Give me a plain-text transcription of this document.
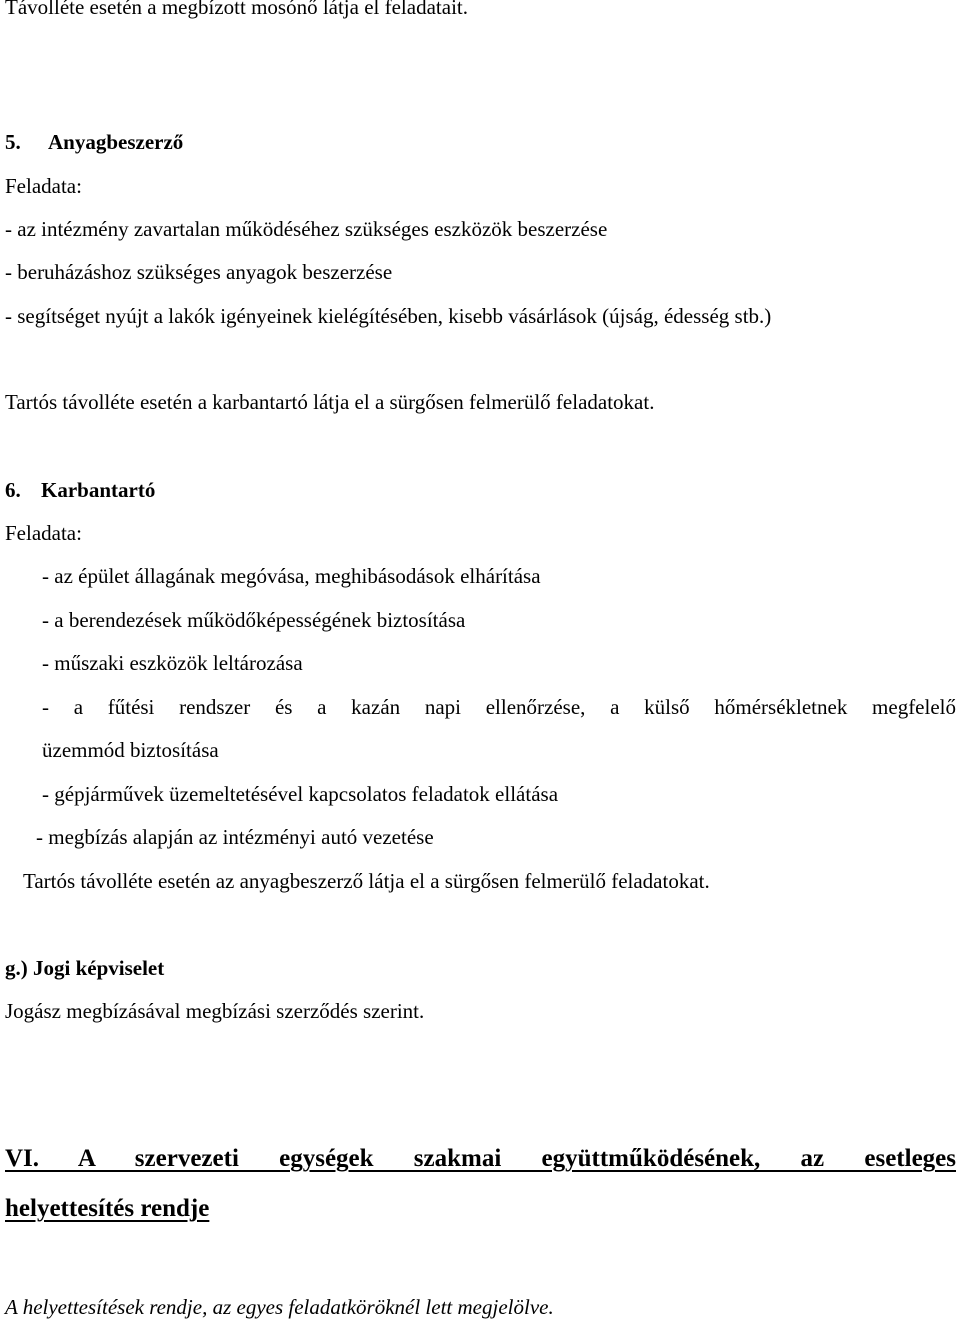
Távolléte esetén a megbízott mosónő látja el feladatait.
5. Anyagbeszerző
Feladata:
- az intézmény zavartalan működéséhez szükséges eszközök beszerzése
- beruházáshoz szükséges anyagok beszerzése
- segítséget nyújt a lakók igényeinek kielégítésében, kisebb vásárlások (újság, édesség stb.)
Tartós távolléte esetén a karbantartó látja el a sürgősen felmerülő feladatokat.
6. Karbantartó
Feladata:
- az épület állagának megóvása, meghibásodások elhárítása
- a berendezések működőképességének biztosítása
- műszaki eszközök leltározása
- a fűtési rendszer és a kazán napi ellenőrzése, a külső hőmérsékletnek megfelelő
üzemmód biztosítása
- gépjárművek üzemeltetésével kapcsolatos feladatok ellátása
- megbízás alapján az intézményi autó vezetése
Tartós távolléte esetén az anyagbeszerző látja el a sürgősen felmerülő feladatokat.
g.) Jogi képviselet
Jogász megbízásával megbízási szerződés szerint.
VI. A szervezeti egységek szakmai együttműködésének, az esetleges
helyettesítés rendje
A helyettesítések rendje, az egyes feladatköröknél lett megjelölve.
